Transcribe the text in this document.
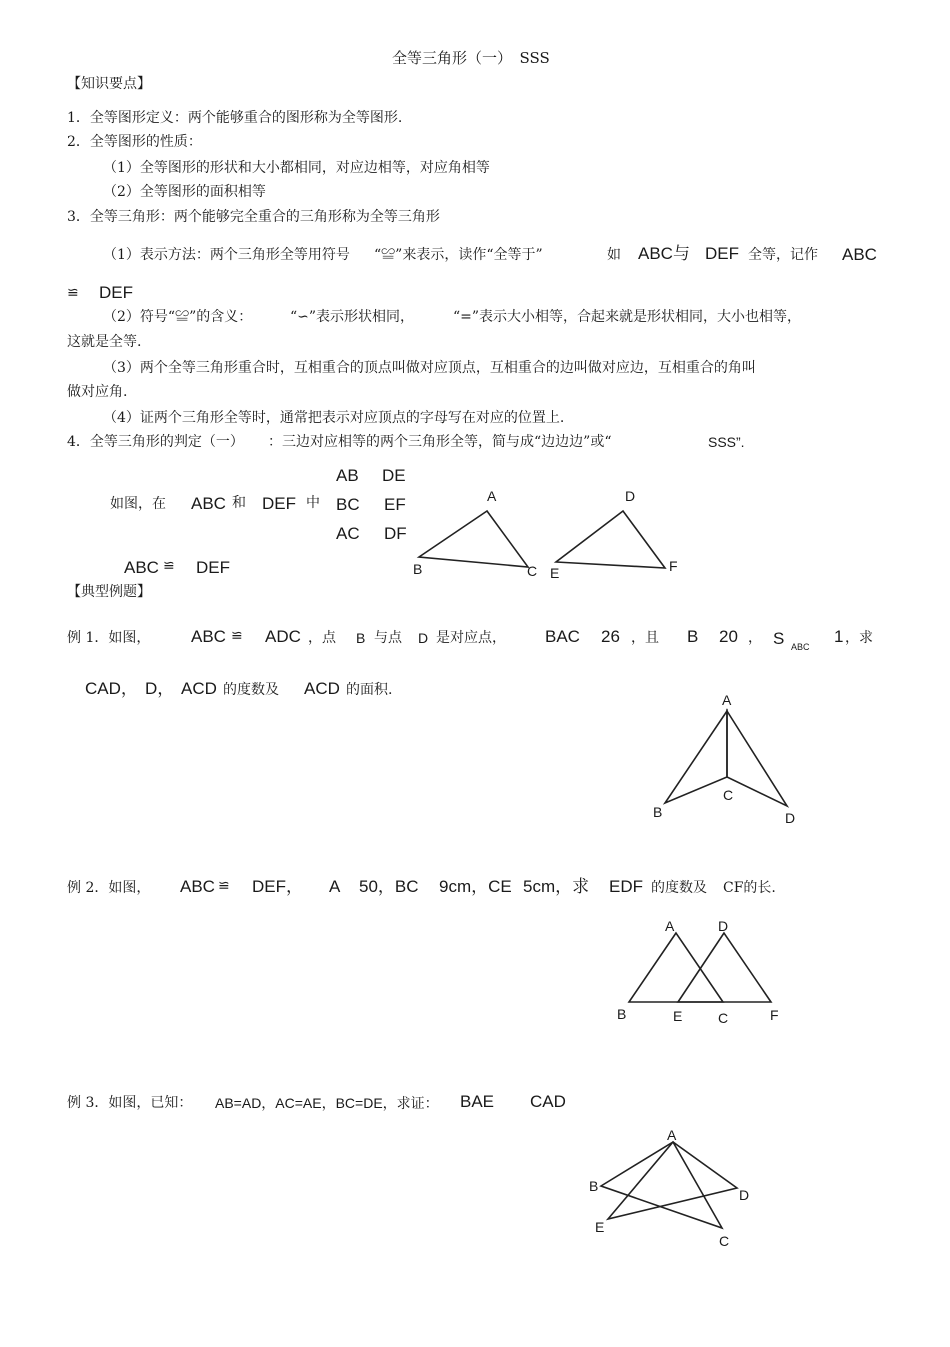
全等三角形（一）　SSS
【知识要点】
1．全等图形定义：两个能够重合的图形称为全等图形.
2．全等图形的性质：
（1）全等图形的形状和大小都相同，对应边相等，对应角相等
（2）全等图形的面积相等
3．全等三角形：两个能够完全重合的三角形称为全等三角形
（1）表示方法：两个三角形全等用符号 “≌”来表示，读作“全等于”	如 ABC与 DEF 全等，记作 ABC
≌ DEF
（2）符号“≌”的含义：	“∽”表示形状相同，	“=”表示大小相等，合起来就是形状相同，大小也相等，
这就是全等.
（3）两个全等三角形重合时，互相重合的顶点叫做对应顶点，互相重合的边叫做对应边，互相重合的角叫
做对应角.
（4）证两个三角形全等时，通常把表示对应顶点的字母写在对应的位置上.
4．全等三角形的判定（一） ：三边对应相等的两个三角形全等，简与成“边边边”或“	SSS”.
如图，在 ABC 和 DEF 中
AB DE
BC EF
AC DF
ABC ≌ DEF
A
B	C
D
E	F
【典型例题】
例 1．如图， ABC ≌ ADC ，点 B 与点 D 是对应点， BAC 26 ，且 B 20 ， S ABC
1 ，求
CAD， D， ACD 的度数及 ACD 的面积.
A
B
C
D
例 2．如图， ABC ≌ DEF， A 50，BC 9cm，CE 5cm，求 EDF 的度数及 CF的长.
A	D
B	E	C	F
例 3．如图，已知： AB=AD，AC=AE，BC=DE，求证： BAE CAD
A
B
D
E
C
